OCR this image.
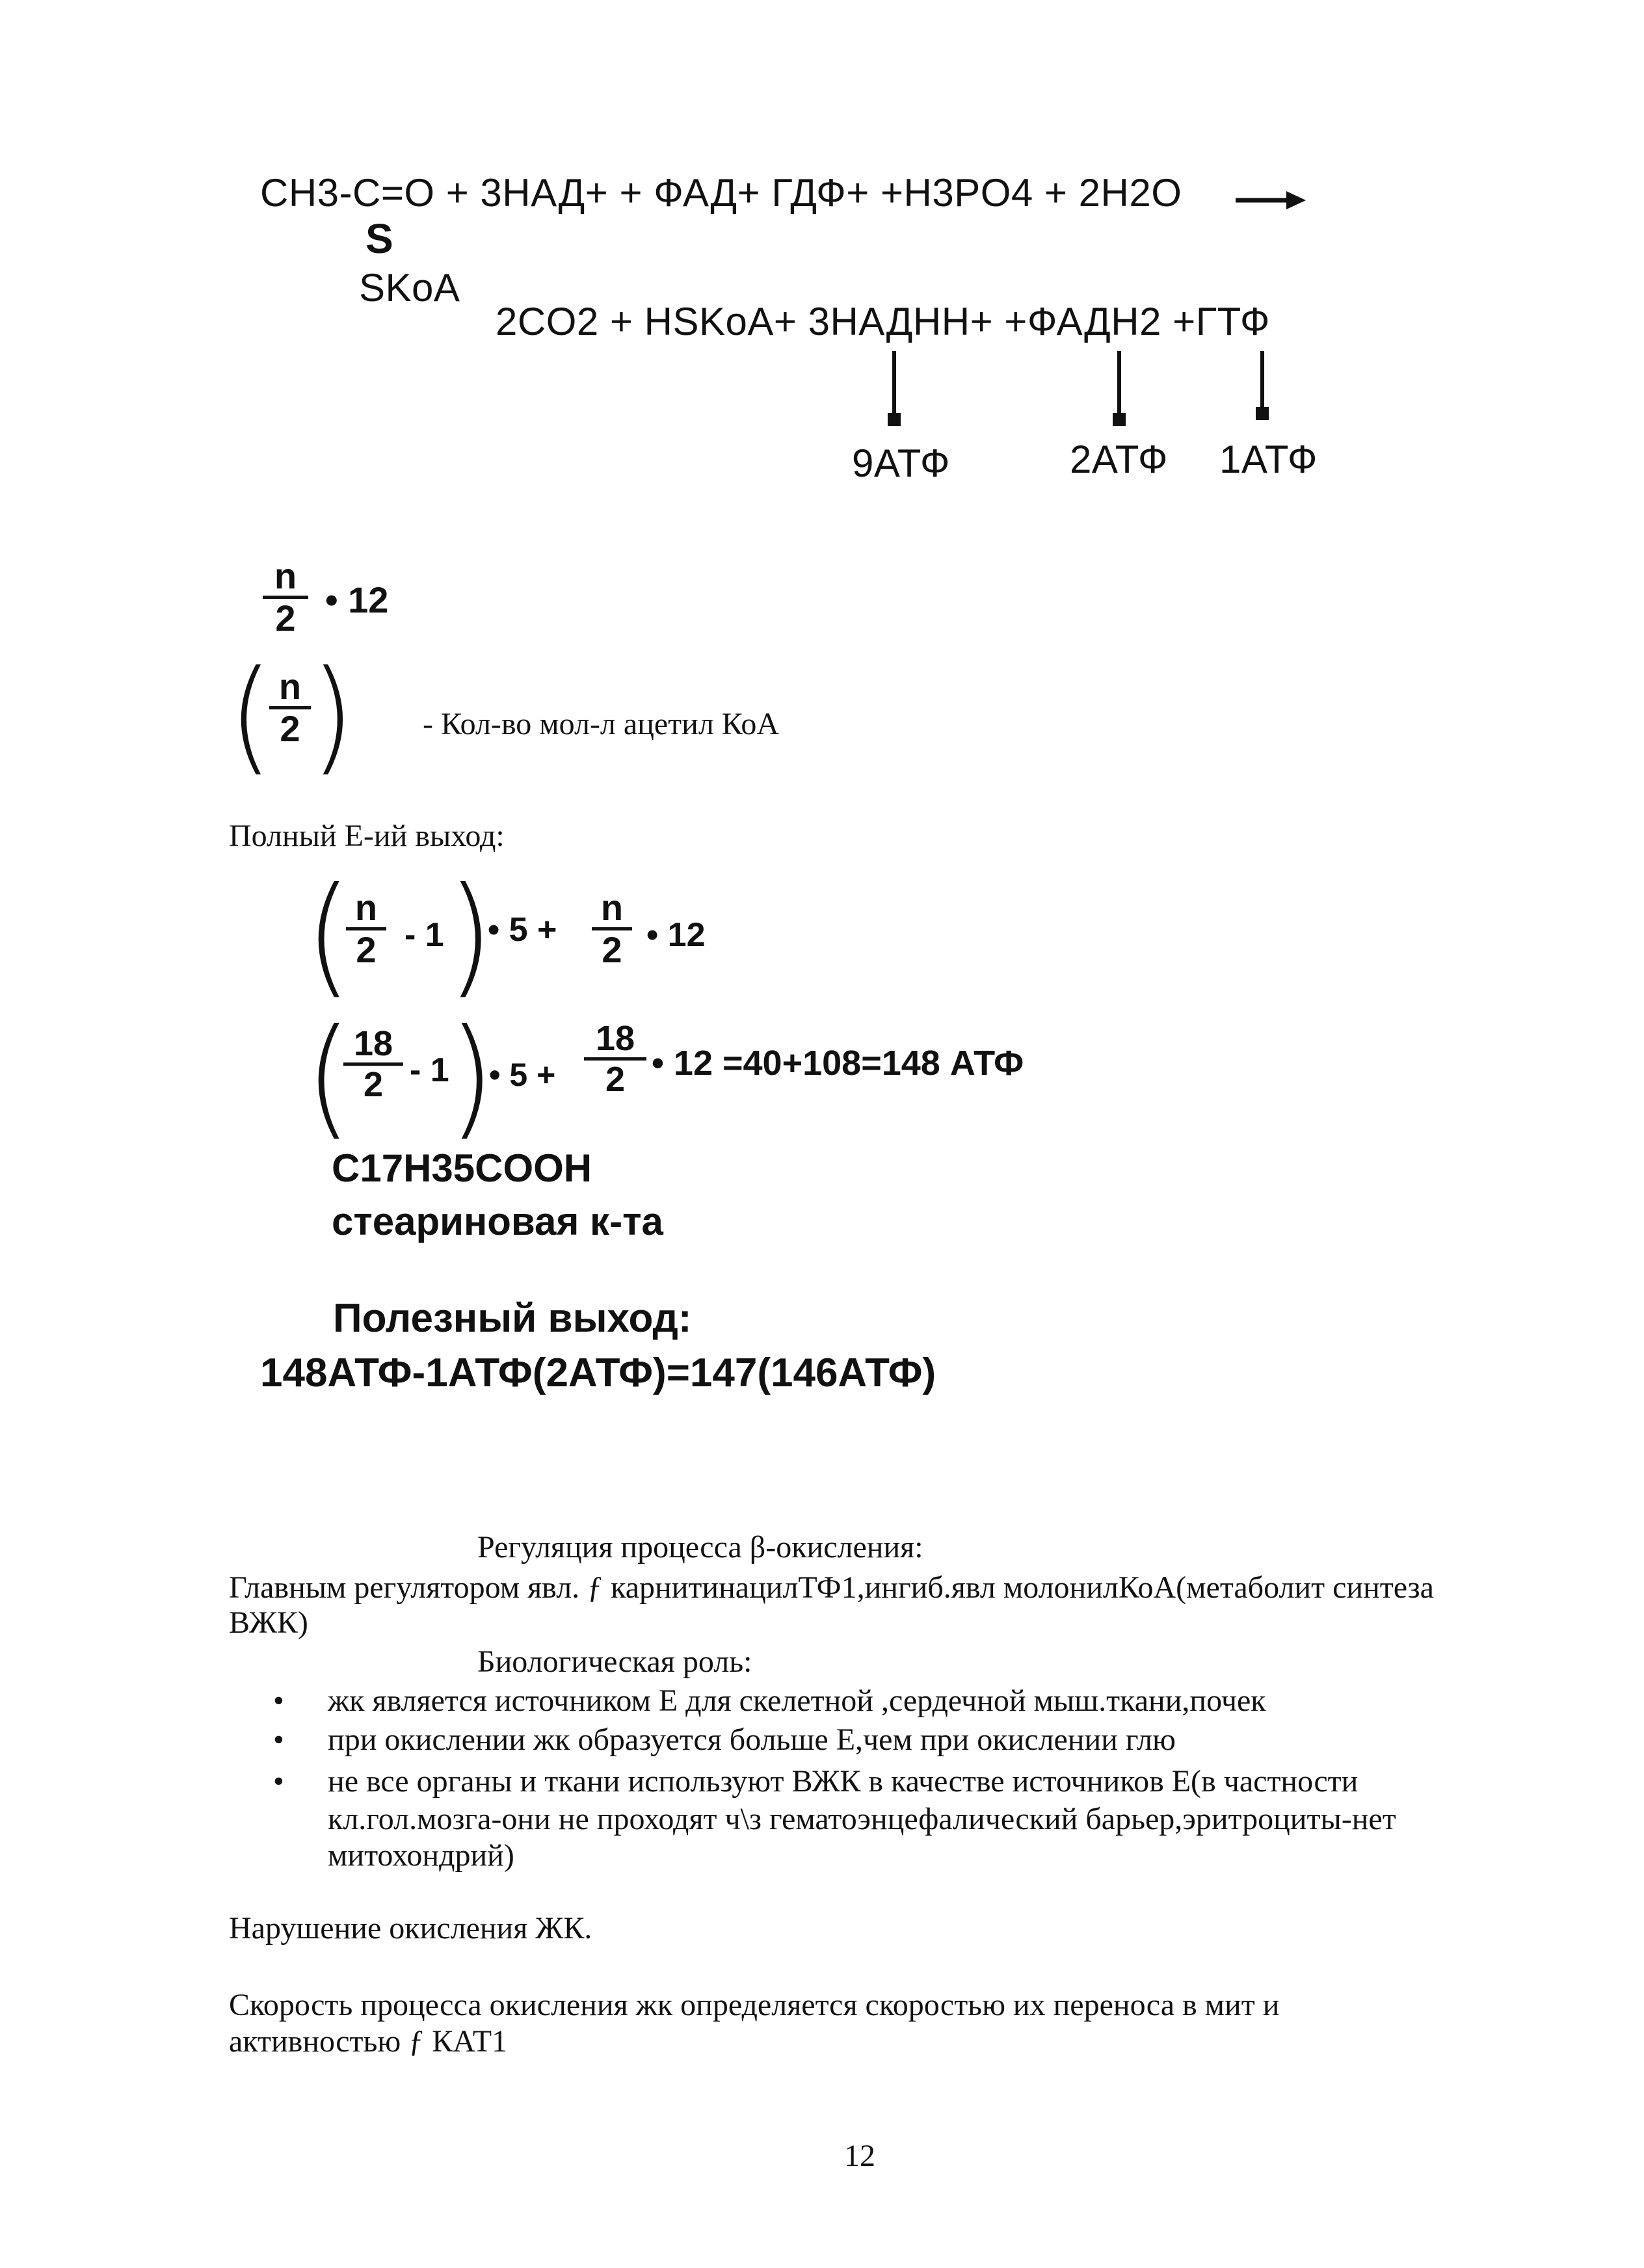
CH3-C=O + 3НАД+ + ФАД+ ГДФ+ +H3PO4 + 2H2O
S
SKoA
2CO2 + HSKoA+ 3НАДНН+ +ФАДН2 +ГТФ
9АТФ	2АТФ 1АТФ
$\frac{n}{2}$ • 12
(
$\frac{n}{2}$ ) - Кол-во мол-л ацетил КоА
Полный Е-ий выход:
(
$\frac{n}{2} - 1$ )
• $5 + \frac{n}{2}$ • 12
(
$\frac{18}{2} - 1$ )
• $5 + \frac{18}{2}$ • 12 =40+108=148 АТФ
C17H35COOH
стеариновая к-та
Полезный выход:
148АТФ-1АТФ(2АТФ)=147(146АТФ)
Регуляция процесса β-окисления:
Главным регулятором явл. ƒ карнитинацилТФ1,ингиб.явл молонилКоА(метаболит синтеза
ВЖК)
Биологическая роль:
• жк является источником Е для скелетной ,сердечной мыш.ткани,почек
• при окислении жк образуется больше Е,чем при окислении глю
• не все органы и ткани используют ВЖК в качестве источников Е(в частности
кл.гол.мозга-они не проходят ч\з гематоэнцефалический барьер,эритроциты-нет
митохондрий)
Нарушение окисления ЖК.
Скорость процесса окисления жк определяется скоростью их переноса в мит и
активностью ƒ КАТ1
12
